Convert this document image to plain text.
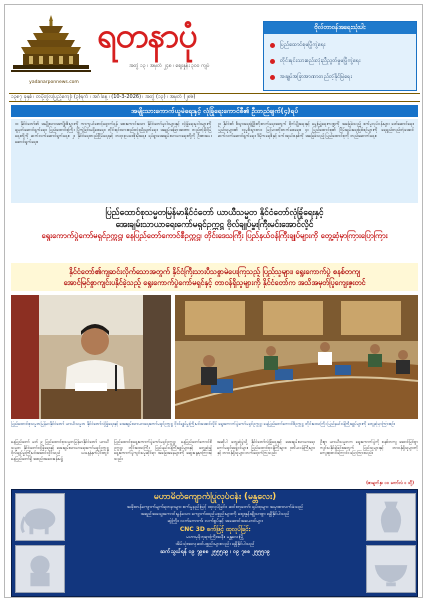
yadanarponnews.com
ရတနာပုံ
အတွဲ ၁၃ ၊ အမှတ် ၂၄၈ ၊ ဈေးနှုန်း ၃၀၀ ကျပ်
ဗိုလ်တာဝန်အရေးသုံးပါး
ပြည်ထောင်စုမပြိုကွဲရေး
တိုင်းရင်းသားစည်းလုံးညီညွတ်မှုမပြိုကွဲရေး
အချုပ်အခြာအာဏာတည်တံ့ခိုင်မြဲရေး
၁၃၈၇ ခုနှစ် ၊ တပို့တွဲလပြည့်ကျော် (၃)ရက် ၊ အင်္ဂါနေ့ ၊ (10-3-2026) ၊ အတွဲ (၁၃) ၊ အမှတ် (၂၈၆)
အမျိုးသားကောက်ယူမဲရေးနှင့် လုံခြုံရေးကောင်စီ၏ ဦးတည်ချက်(၄)ရပ်

၁။ နိုင်ငံတော်၏ အမျိုးသားအကျိုးစီးပွားကို ကာကွယ်စောင့်ရှောက်ရန် အားကောင်းသော နိုင်ငံတော်မူဝါဒများနှင့် လုံခြုံရေးမူဝါဒများကို ချမှတ်ဆောင်ရွက်ရေး၊ ပြည်ထောင်စုကြီး ပြိုကွဲခြင်းမရှိစေရေး၊ တိုင်းရင်းသားစည်းလုံးညီညွတ်ရေး၊ အချုပ်အခြာအာဏာ တည်တံ့ခိုင်မြဲရေးတို့ကို ဆက်လက်ဆောင်ရွက်ရေး။ ၂။ နိုင်ငံရေးတည်ငြိမ်ရေးနှင့် တရားဥပဒေစိုးမိုးရေး၊ ရပ်ရွာအေးချမ်းသာယာရေးတို့ကို ဦးစားပေးဆောင်ရွက်ရေး။

၃။ နိုင်ငံ၏ စီးပွားရေးဖွံ့ဖြိုးတိုးတက်ရေးအတွက် စိုက်ပျိုးရေးနှင့် မွေးမြူရေးကဏ္ဍကို အခြေခံသည့် စက်မှုလုပ်ငန်းများ ဖော်ဆောင်ရေး၊ ပြည်သူများ၏ လူမှုစီးပွားဘဝ မြင့်မားတိုးတက်စေရေး။ ၄။ ပြည်ထောင်စု၏ ငြိမ်းချမ်းရေးဖြစ်စဉ်များကို ရေရှည်တည်တံ့အောင် ဆက်လက်ဆောင်ရွက်ရေး၊ ဒီမိုကရေစီနှင့် ဖက်ဒရယ်စနစ်ကို အခြေခံသည့် ပြည်ထောင်စုကို တည်ဆောက်ရေး။

ပြည်ထောင်စုသမ္မတမြန်မာနိုင်ငံတော် ယာယီသမ္မတ နိုင်ငံတော်လုံခြုံရေးနှင့်
အေးချမ်းသာယာရေးကော်မရှင်ဥက္ကဋ္ဌ ဗိုလ်ချုပ်မှူးကြီးမင်းအောင်လှိုင်
ရွေးကောက်ပွဲကော်မရှင်ဥက္ကဋ္ဌ၊ နေပြည်တော်ကောင်စီဥက္ကဋ္ဌ၊ တိုင်းဒေသကြီး ပြည်နယ်ဝန်ကြီးချုပ်များကို တွေ့ဆုံမှာကြားပြောကြား
နိုင်ငံတော်၏ကျဆင်းလိုက်သောအတွက် နိုင်ငံကြီးသားပီသစွာမဲပေးကြသည့် ပြည်သူများ၊ ရွေးကောက်ပွဲ စနစ်တကျ
အောင်မြင်စွာကျင်းပနိုင်ခဲ့သည့် ရွေးကောက်ပွဲကော်မရှင်နှင့် တာဝန်ရှိသူများကို နိုင်ငံတော်က အသိအမှတ်ပြုကျေးဇူးတင်
ပြည်ထောင်စုသမ္မတမြန်မာနိုင်ငံတော် ယာယီသမ္မတ နိုင်ငံတော်လုံခြုံရေးနှင့် အေးချမ်းသာယာရေးကော်မရှင်ဥက္ကဋ္ဌ ဗိုလ်ချုပ်မှူးကြီးမင်းအောင်လှိုင် ရွေးကောက်ပွဲကော်မရှင်ဥက္ကဋ္ဌ၊ နေပြည်တော်ကောင်စီဥက္ကဋ္ဌ တိုင်းဒေသကြီး ပြည်နယ်ဝန်ကြီးချုပ်များကို တွေ့ဆုံမှာကြားစဉ်။

နေပြည်တော် မတ် ၉ ပြည်ထောင်စုသမ္မတမြန်မာနိုင်ငံတော် ယာယီသမ္မတ နိုင်ငံတော်လုံခြုံရေးနှင့် အေးချမ်းသာယာရေးကော်မရှင်ဥက္ကဋ္ဌ ဗိုလ်ချုပ်မှူးကြီးမင်းအောင်လှိုင်သည် ယနေ့နံနက်ပိုင်းတွင် နေပြည်တော်ရှိ အစည်းအဝေးခန်းမ၌

ပြည်ထောင်စုရွေးကောက်ပွဲကော်မရှင်ဥက္ကဋ္ဌ၊ နေပြည်တော်ကောင်စီဥက္ကဋ္ဌ၊ တိုင်းဒေသကြီး ပြည်နယ်ဝန်ကြီးချုပ်များနှင့် တွေ့ဆုံ၍ ရွေးကောက်ပွဲကျင်းပမှုဆိုင်ရာ အခြေအနေများကို ဆွေးနွေးမှာကြားခဲ့သည်။

အဆိုပါ တွေ့ဆုံပွဲသို့ နိုင်ငံတော်လုံခြုံရေးနှင့် အေးချမ်းသာယာရေး ကော်မရှင်အဖွဲ့ဝင်များ၊ ပြည်ထောင်စုဝန်ကြီးများ၊ ဒုတိယဝန်ကြီးများနှင့် တာဝန်ရှိသူများ တက်ရောက်ကြသည်။

ဦးစွာ ယာယီသမ္မတက ရွေးကောက်ပွဲကို စနစ်တကျ အောင်မြင်စွာ ကျင်းပနိုင်ခဲ့ခြင်းအတွက် ပြည်သူများနှင့် တာဝန်ရှိသူများကို ကျေးဇူးတင်ကြောင်း ပြောကြားသည်။

(စာမျက်နှာ ၁၀ ကော်လံ ၁ သို့)
မဟာမိတ်ကျောက်ပြုလုပ်ငန်း (မန္တလေး)
အဖိုးတန်ကျောက်မျက်ရတနာများ စက်မှုနည်းဖြင့် ထုလုပ်ခြင်း၊ ဆင်းတုတော်၊ ရုပ်ထုများ အမှာစာလက်ခံသည်
အရည်အသွေးကောင်းမွန်သော ကျောက်ထည်ပစ္စည်းများကို ဈေးနှုန်းချိုသာစွာ ရရှိနိုင်ပါသည်
ဆွဲကြိုး၊ လက်ကောက်၊ လက်စွပ်နှင့် အဆောင်အယောင်များ
CNC 3D စက်ဖြင့် ထုလုပ်ခြင်း
မဟာမုနိဘုရားကြီးအနီး၊ မန္တလေးမြို့
အိမ်သုံးအလှဆင်ပစ္စည်းများလည်း ရရှိနိုင်ပါသည်
ဆက်သွယ်ရန် ၀၉ ၇၉၈၈ ၂၅၅၅၁၉ ၊ ၀၉ ၇၈၈ ၂၅၅၅၁၉
